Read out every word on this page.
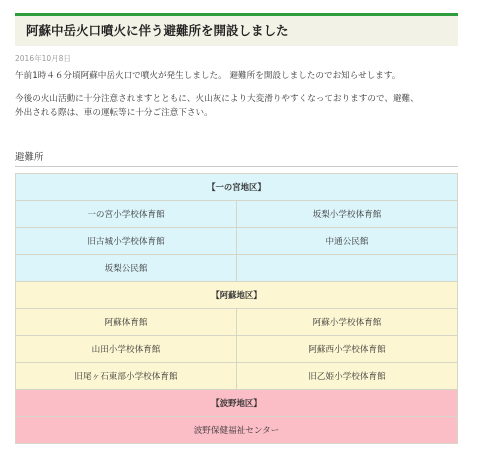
阿蘇中岳火口噴火に伴う避難所を開設しました
2016年10月8日
午前1時４６分頃阿蘇中岳火口で噴火が発生しました。 避難所を開設しましたのでお知らせします。
今後の火山活動に十分注意されますとともに、火山灰により大変滑りやすくなっておりますので、避難、
外出される際は、車の運転等に十分ご注意下さい。
避難所
【一の宮地区】	
一の宮小学校体育館	坂梨小学校体育館
旧古城小学校体育館	中通公民館
坂梨公民館	
【阿蘇地区】	
阿蘇体育館	阿蘇小学校体育館
山田小学校体育館	阿蘇西小学校体育館
旧尾ヶ石東部小学校体育館	旧乙姫小学校体育館
【波野地区】	
波野保健福祉センター	
